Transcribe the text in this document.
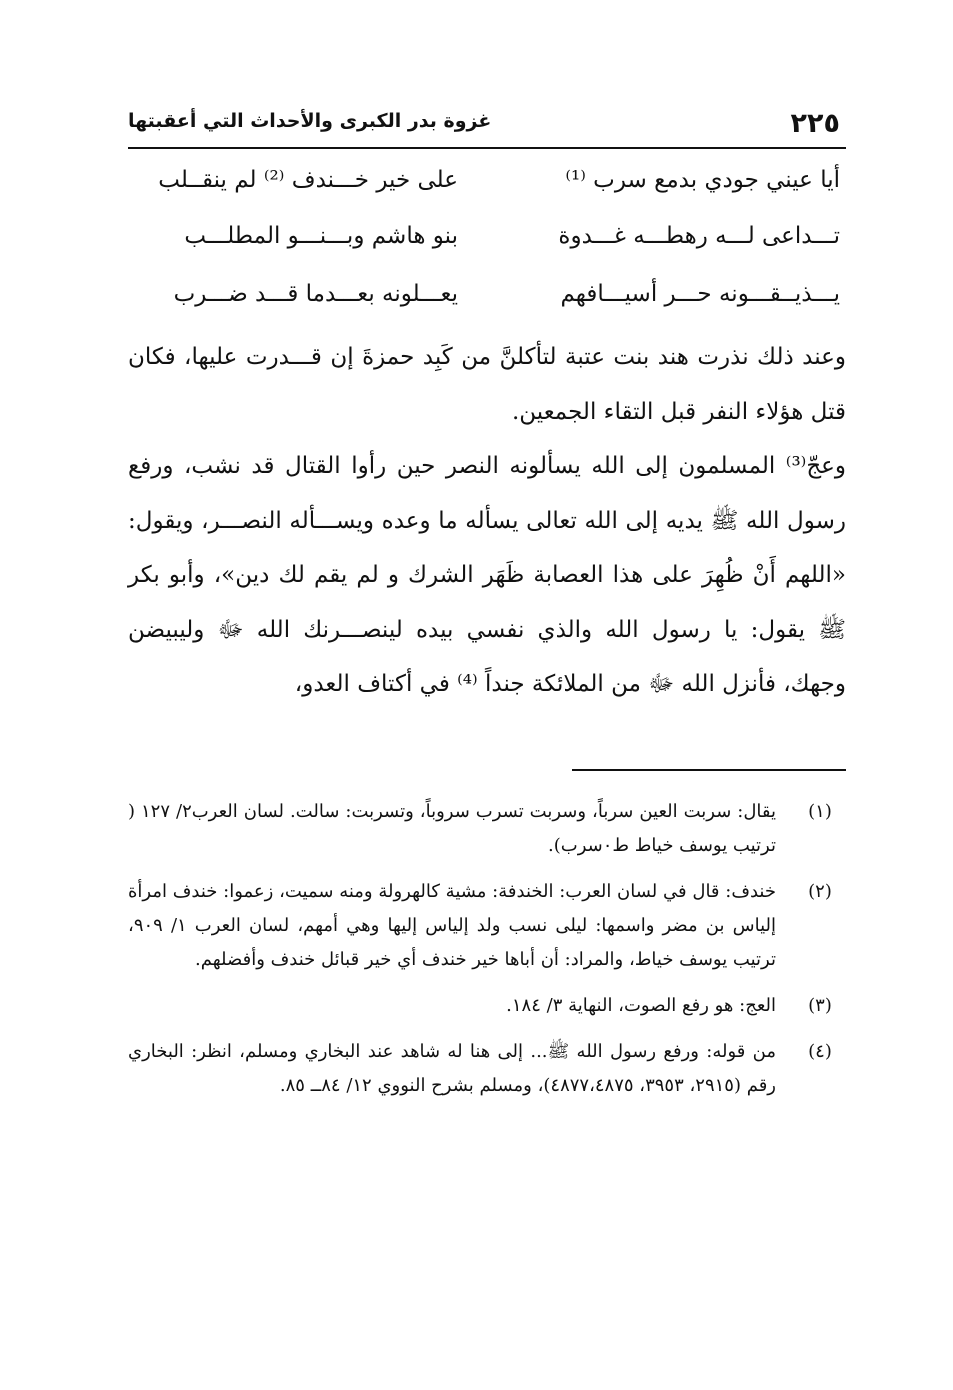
٢٢٥
غزوة بدر الكبرى والأحداث التي أعقبتها
أيا عيني جودي بدمع سرب ⁽¹⁾
على خير خـــندف ⁽²⁾ لم ينقــلب
تـــداعى لـــه رهطـــه غـــدوة
بنو هاشم وبـــنـــو المطلـــب
يـــذيــقـــونه حـــر أسيـــافهم
يعـــلونه بعـــدما قـــد ضـــرب

وعند ذلك نذرت هند بنت عتبة لتأكلنَّ من كَبِد حمزةَ إن قـــدرت عليها، فكان قتل هؤلاء النفر قبل التقاء الجمعين.

وعجّ⁽³⁾ المسلمون إلى الله يسألونه النصر حين رأوا القتال قد نشب، ورفع رسول الله ﷺ يديه إلى الله تعالى يسأله ما وعده ويســـأله النصـــر، ويقول: «اللهم أَنْ ظُهِرَ على هذا العصابة ظَهَر الشرك و لم يقم لك دين»، وأبو بكر ﷺ يقول: يا رسول الله والذي نفسي بيده لينصـــرنك الله ﷻ وليبيضن وجهك، فأنزل الله ﷻ من الملائكة جنداً ⁽⁴⁾ في أكتاف العدو،

(١)
يقال: سربت العين سرباً، وسربت تسرب سروباً، وتسربت: سالت. لسان العرب٢/ ١٢٧ ( ترتيب يوسف خياط ط٠سرب).
(٢)
خندف: قال في لسان العرب: الخندفة: مشية كالهرولة ومنه سميت، زعموا: خندف امرأة إلياس بن مضر واسمها: ليلى نسب ولد إلياس إليها وهي أمهم، لسان العرب ١/ ٩٠٩، ترتيب يوسف خياط، والمراد: أن أباها خير خندف أي خير قبائل خندف وأفضلهم.
(٣)
العج: هو رفع الصوت، النهاية ٣/ ١٨٤.
(٤)
من قوله: ورفع رسول الله ﷺ... إلى هنا له شاهد عند البخاري ومسلم، انظر: البخاري رقم (٢٩١٥، ٣٩٥٣، ٤٨٧٧،٤٨٧٥)، ومسلم بشرح النووي ١٢/ ٨٤ــ ٨٥.
